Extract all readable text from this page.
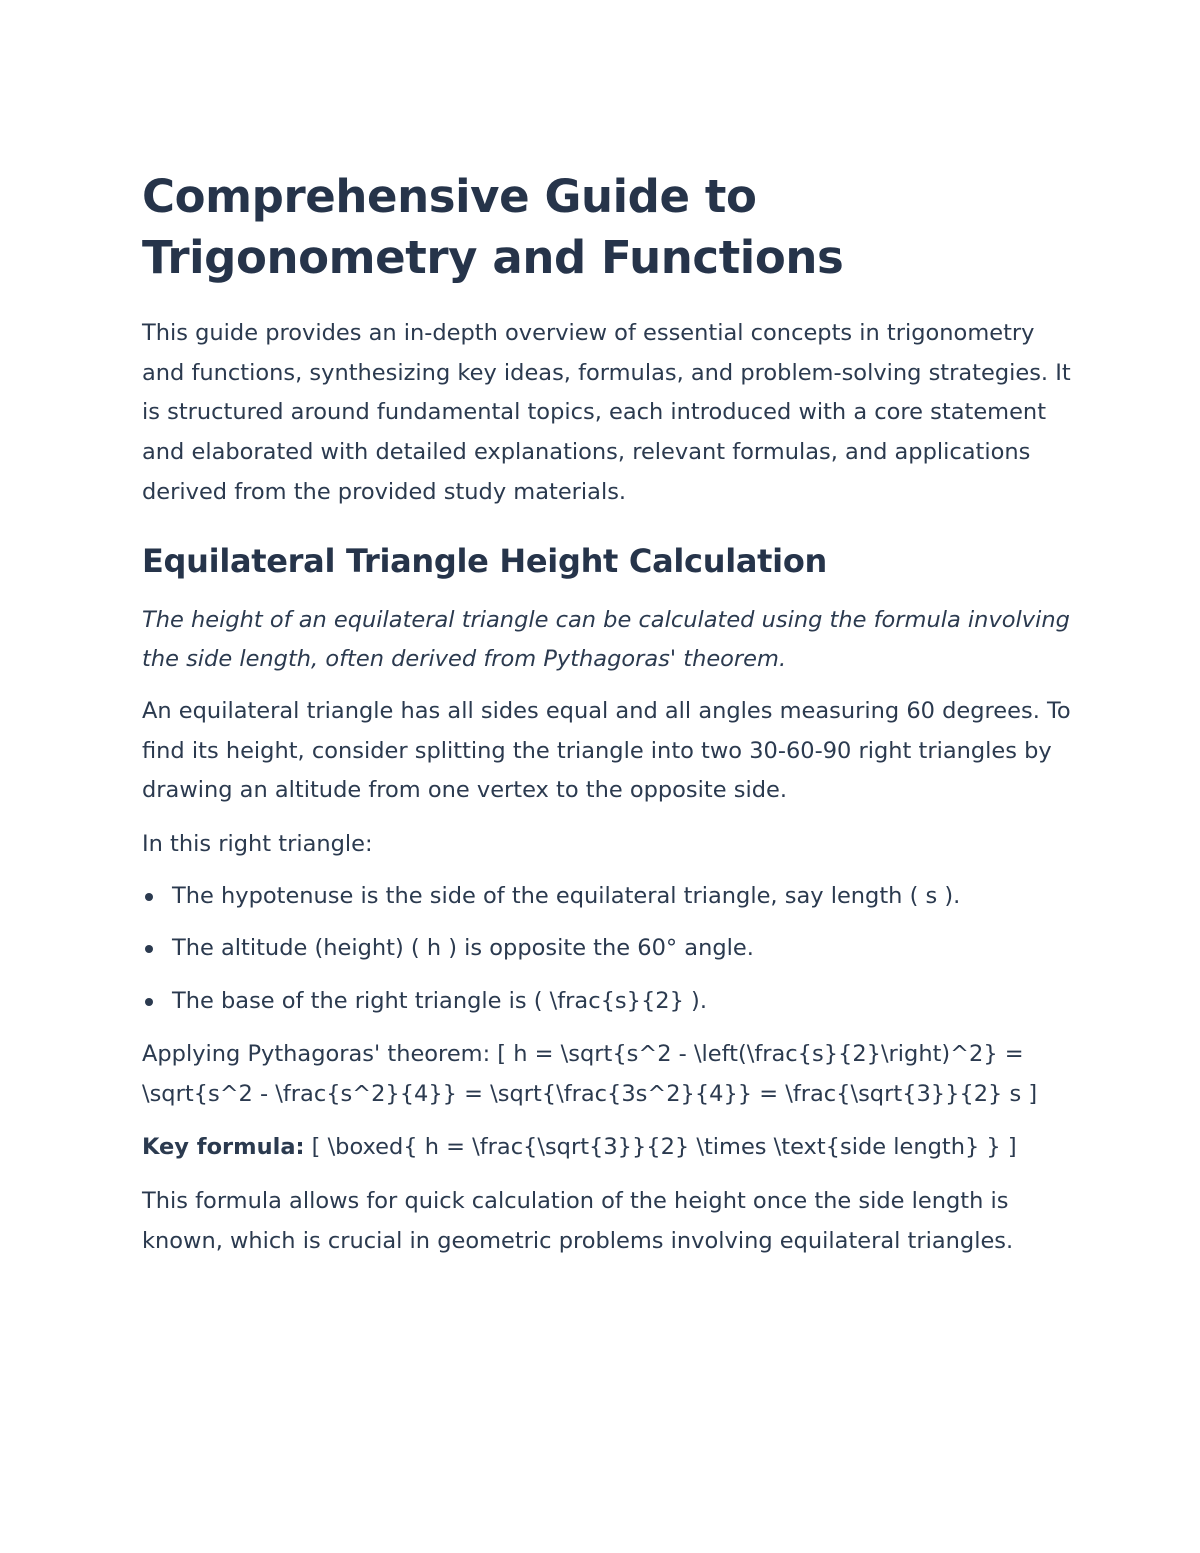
Comprehensive Guide to Trigonometry and Functions

This guide provides an in-depth overview of essential concepts in trigonometry and functions, synthesizing key ideas, formulas, and problem-solving strategies. It is structured around fundamental topics, each introduced with a core statement and elaborated with detailed explanations, relevant formulas, and applications derived from the provided study materials.

Equilateral Triangle Height Calculation

The height of an equilateral triangle can be calculated using the formula involving the side length, often derived from Pythagoras' theorem.

An equilateral triangle has all sides equal and all angles measuring 60 degrees. To find its height, consider splitting the triangle into two 30-60-90 right triangles by drawing an altitude from one vertex to the opposite side.

In this right triangle:

The hypotenuse is the side of the equilateral triangle, say length ( s ).
The altitude (height) ( h ) is opposite the 60° angle.
The base of the right triangle is ( \frac{s}{2} ).

Applying Pythagoras' theorem: [ h = \sqrt{s^2 - \left(\frac{s}{2}\right)^2} = \sqrt{s^2 - \frac{s^2}{4}} = \sqrt{\frac{3s^2}{4}} = \frac{\sqrt{3}}{2} s ]

Key formula: [ \boxed{ h = \frac{\sqrt{3}}{2} \times \text{side length} } ]

This formula allows for quick calculation of the height once the side length is known, which is crucial in geometric problems involving equilateral triangles.
